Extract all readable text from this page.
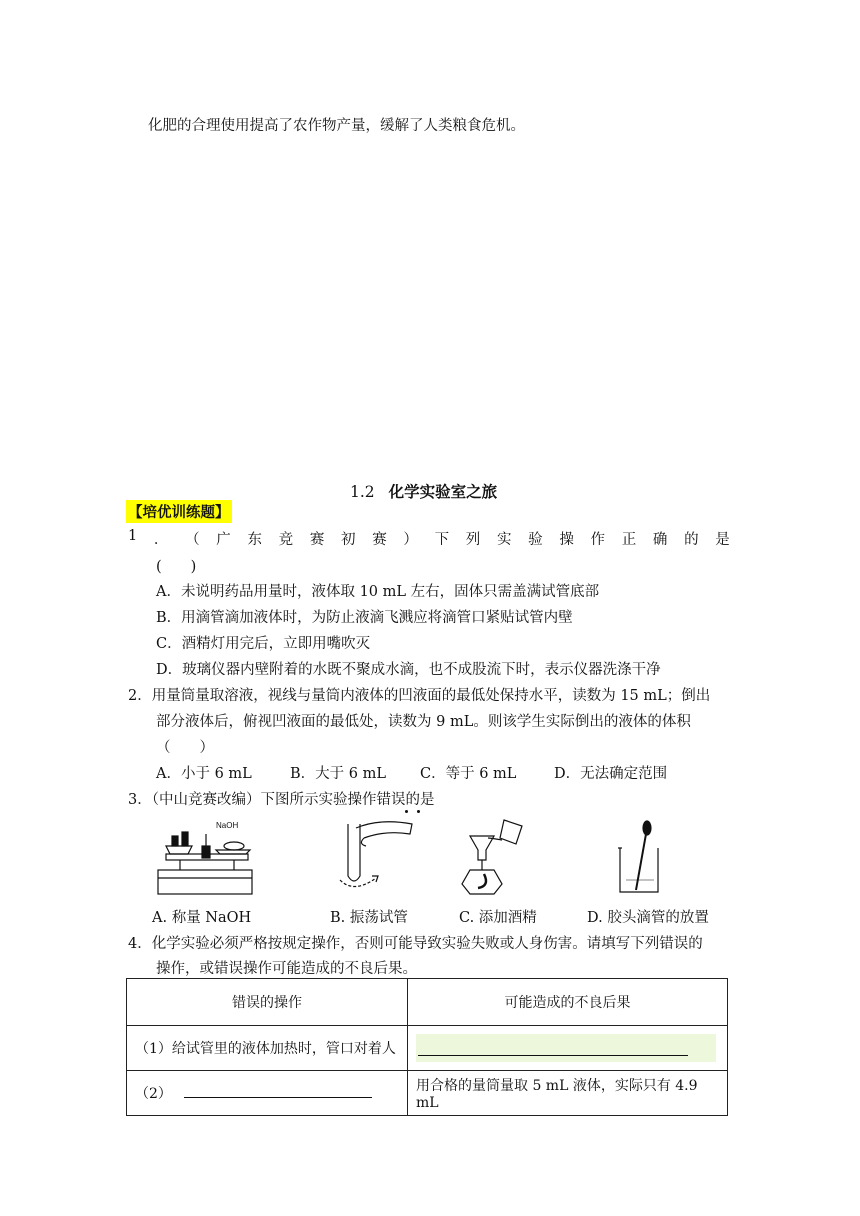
化肥的合理使用提高了农作物产量，缓解了人类粮食危机。
1.2 化学实验室之旅
【培优训练题】
1 ． （ 广 东 竞 赛 初 赛 ） 下 列 实 验 操 作 正 确 的 是
(　　)
A．未说明药品用量时，液体取 10 mL 左右，固体只需盖满试管底部
B．用滴管滴加液体时，为防止液滴飞溅应将滴管口紧贴试管内壁
C．酒精灯用完后，立即用嘴吹灭
D．玻璃仪器内壁附着的水既不聚成水滴，也不成股流下时，表示仪器洗涤干净
2．用量筒量取溶液，视线与量筒内液体的凹液面的最低处保持水平，读数为 15 mL；倒出
部分液体后，俯视凹液面的最低处，读数为 9 mL。则该学生实际倒出的液体的体积
（　　）
A．小于 6 mL	B．大于 6 mL C．等于 6 mL	D．无法确定范围
3．（中山竞赛改编）下图所示实验操作错误的是
NaOH
A. 称量 NaOH	B. 振荡试管	C. 添加酒精	D. 胶头滴管的放置
4．化学实验必须严格按规定操作，否则可能导致实验失败或人身伤害。请填写下列错误的
操作，或错误操作可能造成的不良后果。
错误的操作	可能造成的不良后果
（1）给试管里的液体加热时，管口对着人	
（2）	用合格的量筒量取 5 mL 液体，实际只有 4.9 mL
